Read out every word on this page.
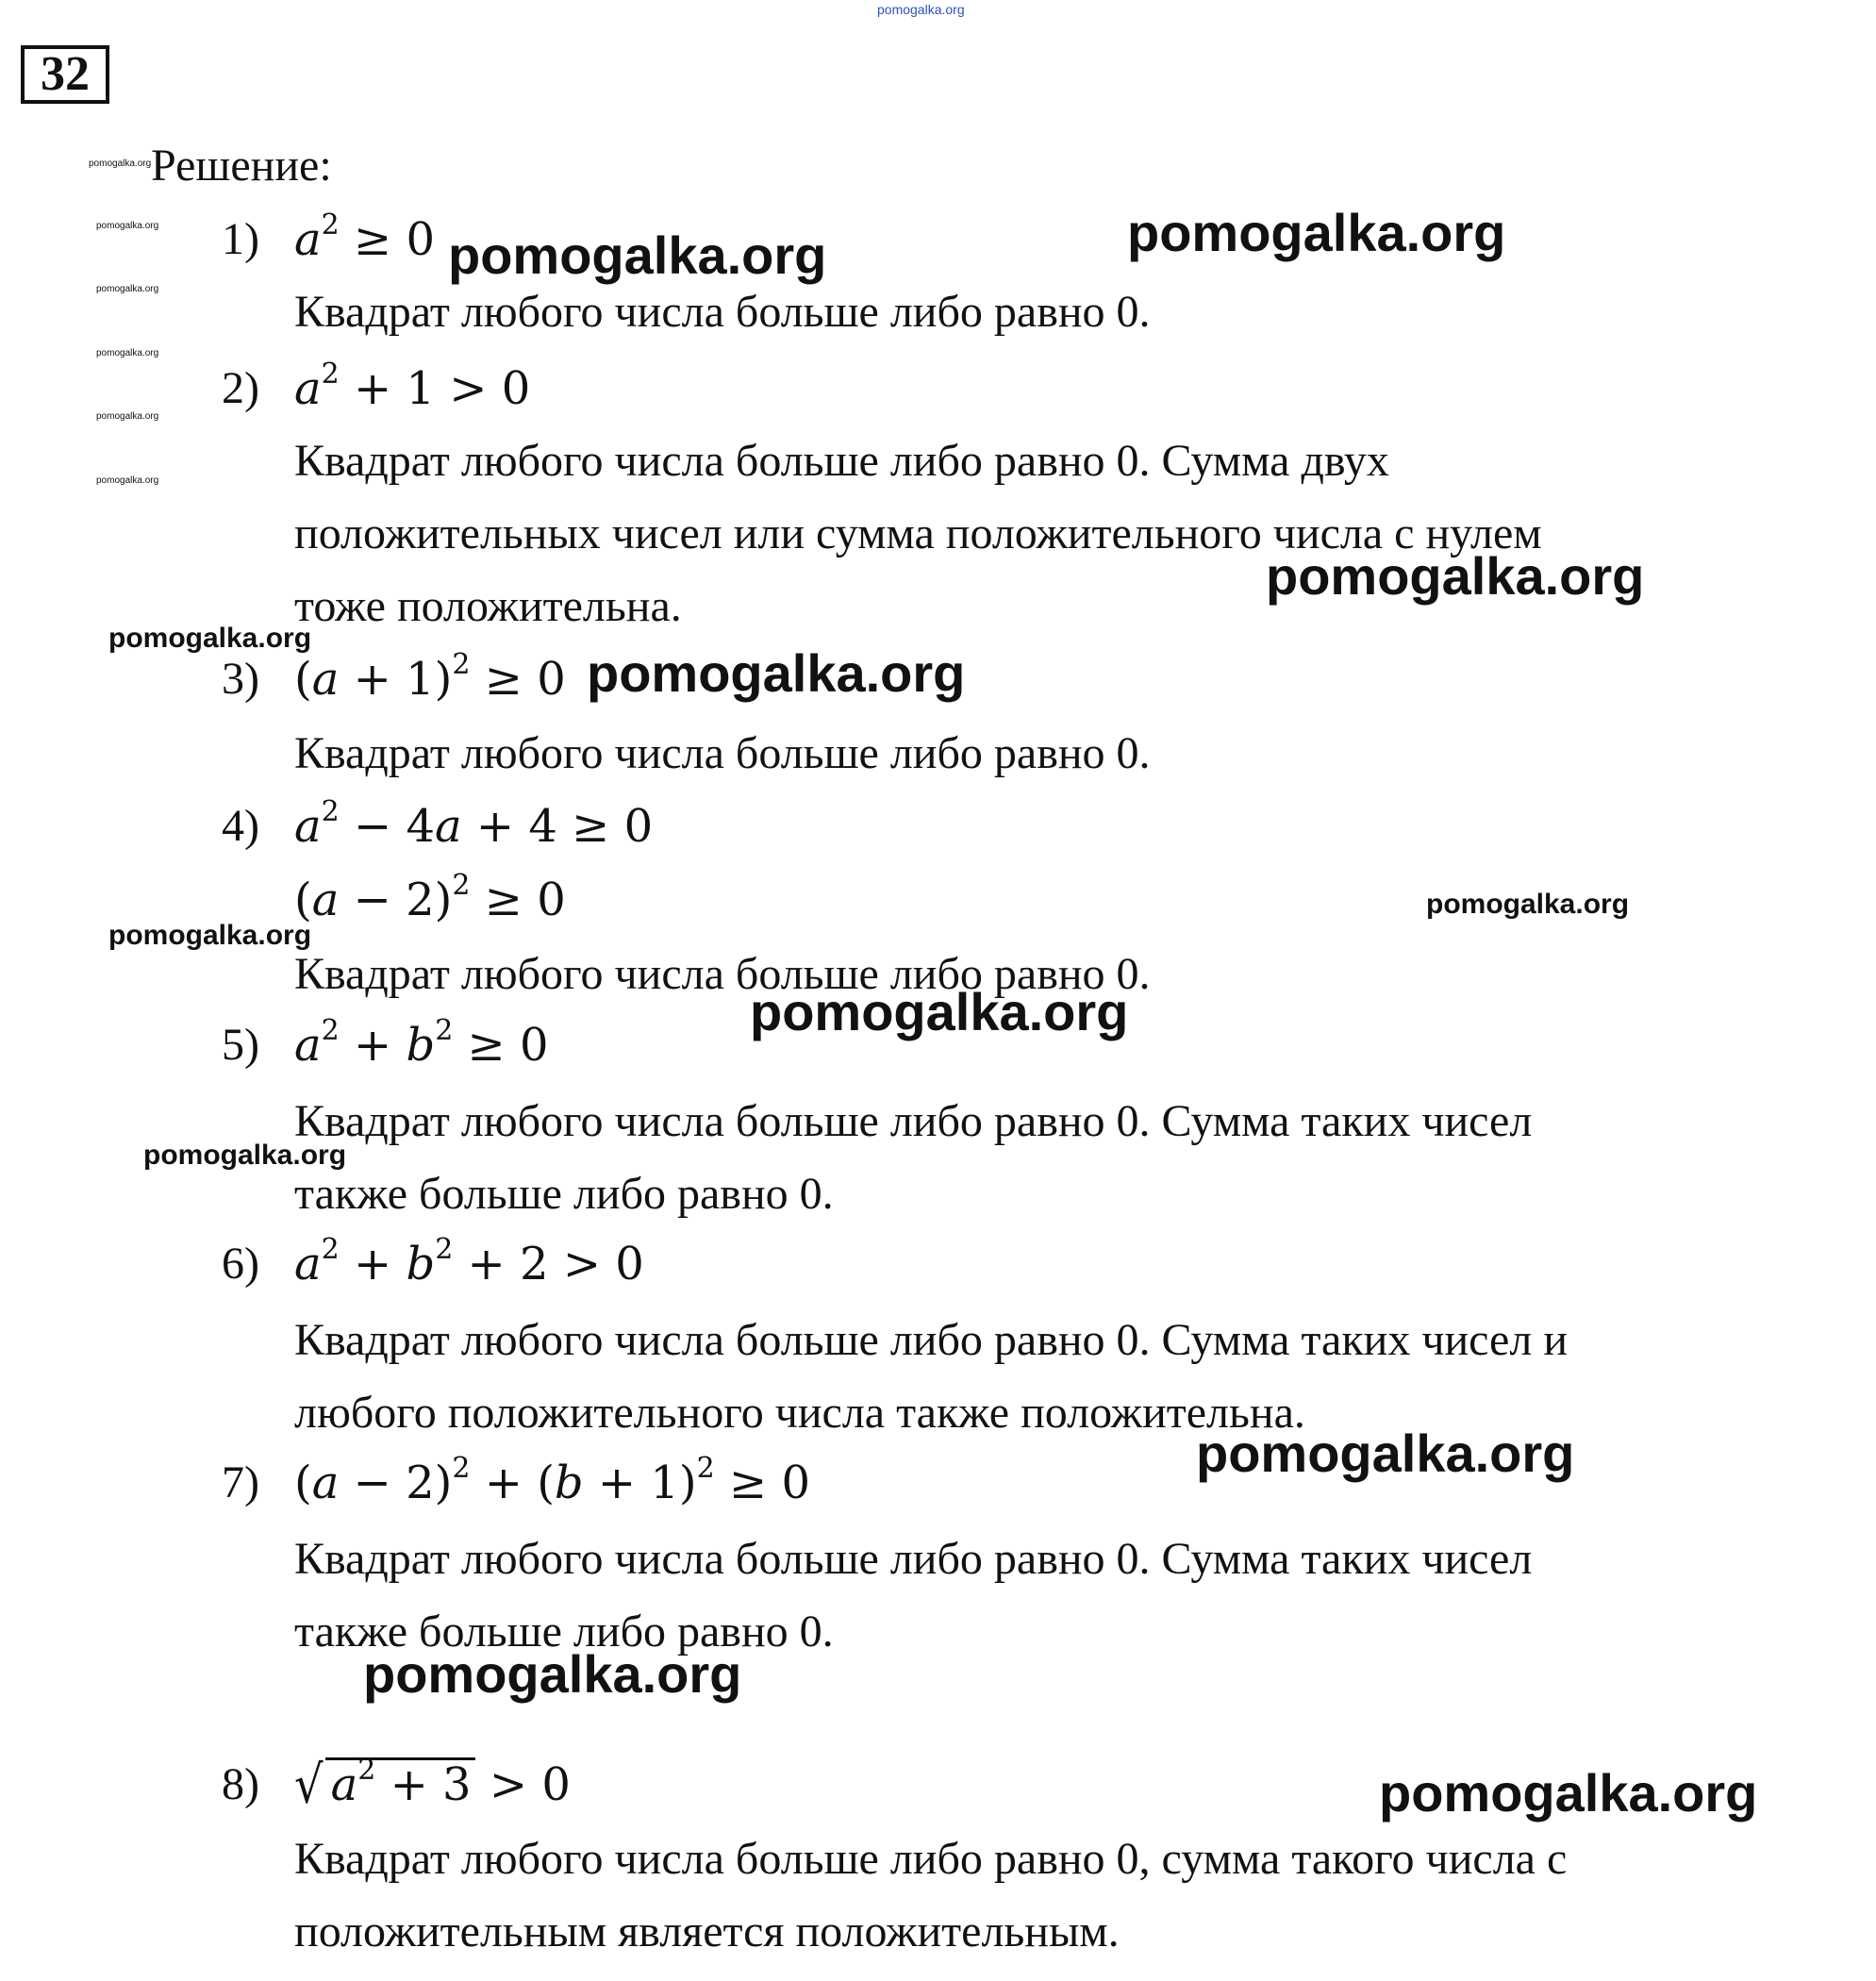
pomogalka.org
32
pomogalka.org Решение:
pomogalka.org
pomogalka.org
pomogalka.org
pomogalka.org
pomogalka.org
1) $a^2 \ge 0$ pomogalka.org	pomogalka.org
Квадрат любого числа больше либо равно 0.
2) $a^2 + 1 > 0$
Квадрат любого числа больше либо равно 0. Сумма двух
положительных чисел или сумма положительного числа с нулем
тоже положительна.
pomogalka.org
pomogalka.org
3) $(a + 1)^2 \ge 0$ pomogalka.org
Квадрат любого числа больше либо равно 0.
4) $a^2 - 4a + 4 \ge 0$
$(a - 2)^2 \ge 0$	pomogalka.org
pomogalka.org
Квадрат любого числа больше либо равно 0.
pomogalka.org
5) $a^2 + b^2 \ge 0$
Квадрат любого числа больше либо равно 0. Сумма таких чисел
также больше либо равно 0.
pomogalka.org
6) $a^2 + b^2 + 2 > 0$
Квадрат любого числа больше либо равно 0. Сумма таких чисел и
любого положительного числа также положительна.
pomogalka.org
7) $(a - 2)^2 + (b + 1)^2 \ge 0$
Квадрат любого числа больше либо равно 0. Сумма таких чисел
также больше либо равно 0.
pomogalka.org
8) √ $a^2 + 3 > 0$	pomogalka.org
Квадрат любого числа больше либо равно 0, сумма такого числа с
положительным является положительным.
